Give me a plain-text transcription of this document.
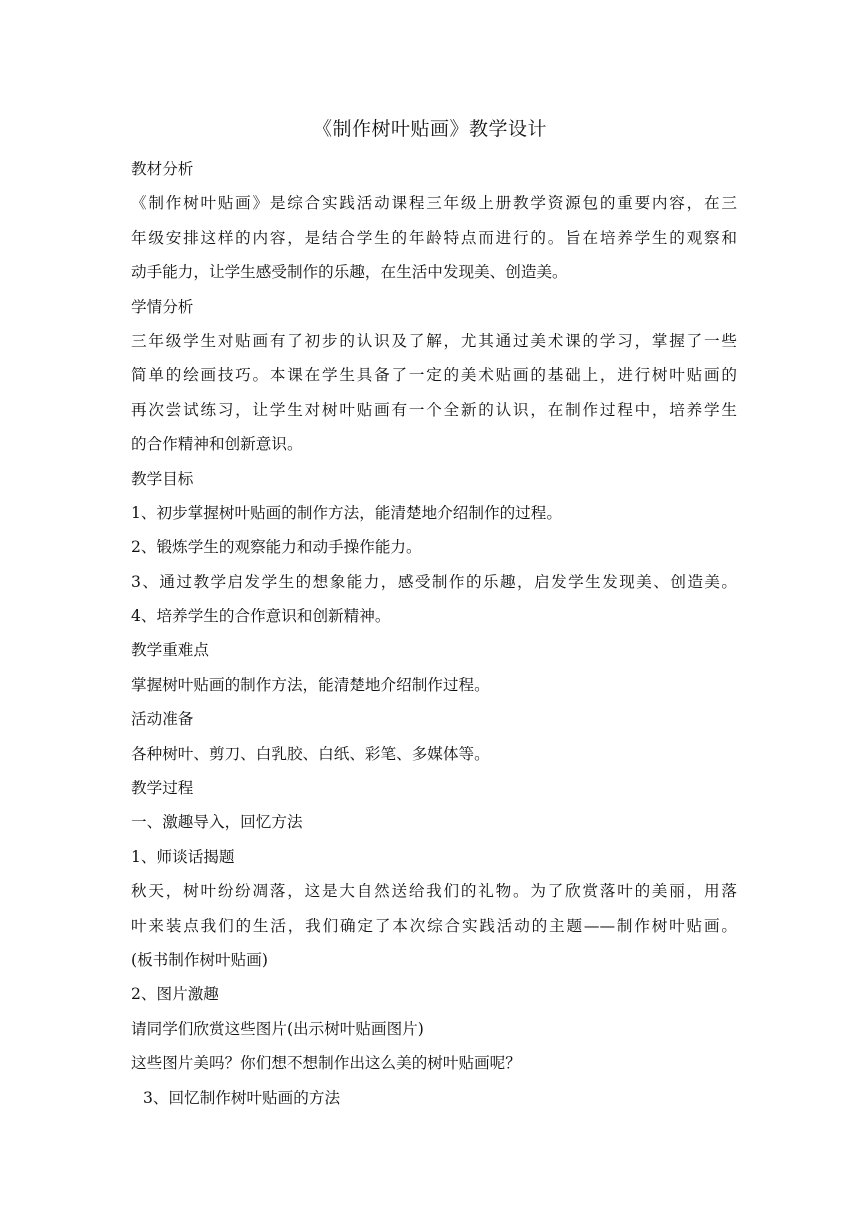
《制作树叶贴画》教学设计
教材分析
《制作树叶贴画》是综合实践活动课程三年级上册教学资源包的重要内容，在三
年级安排这样的内容，是结合学生的年龄特点而进行的。旨在培养学生的观察和
动手能力，让学生感受制作的乐趣，在生活中发现美、创造美。
学情分析
三年级学生对贴画有了初步的认识及了解，尤其通过美术课的学习，掌握了一些
简单的绘画技巧。本课在学生具备了一定的美术贴画的基础上，进行树叶贴画的
再次尝试练习，让学生对树叶贴画有一个全新的认识，在制作过程中，培养学生
的合作精神和创新意识。
教学目标
1、初步掌握树叶贴画的制作方法，能清楚地介绍制作的过程。
2、锻炼学生的观察能力和动手操作能力。
3、通过教学启发学生的想象能力，感受制作的乐趣，启发学生发现美、创造美。
4、培养学生的合作意识和创新精神。
教学重难点
掌握树叶贴画的制作方法，能清楚地介绍制作过程。
活动准备
各种树叶、剪刀、白乳胶、白纸、彩笔、多媒体等。
教学过程
一、激趣导入，回忆方法
1、师谈话揭题
秋天，树叶纷纷凋落，这是大自然送给我们的礼物。为了欣赏落叶的美丽，用落
叶来装点我们的生活，我们确定了本次综合实践活动的主题——制作树叶贴画。
(板书制作树叶贴画)
2、图片激趣
请同学们欣赏这些图片(出示树叶贴画图片)
这些图片美吗？你们想不想制作出这么美的树叶贴画呢？
3、回忆制作树叶贴画的方法
